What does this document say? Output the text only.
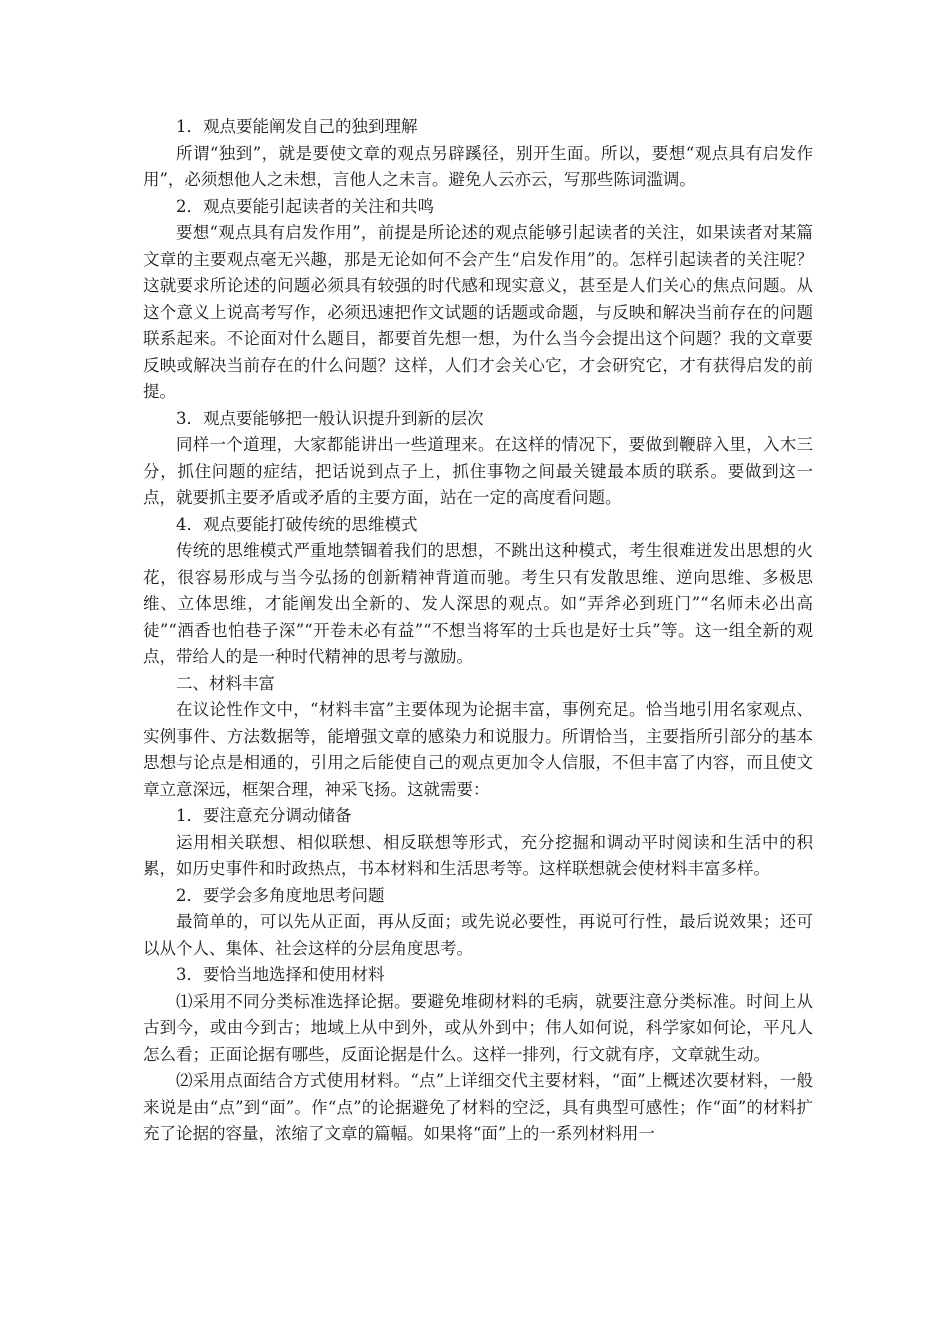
1．观点要能阐发自己的独到理解

所谓“独到”，就是要使文章的观点另辟蹊径，别开生面。所以，要想“观点具有启发作用”，必须想他人之未想，言他人之未言。避免人云亦云，写那些陈词滥调。

2．观点要能引起读者的关注和共鸣

要想“观点具有启发作用”，前提是所论述的观点能够引起读者的关注，如果读者对某篇文章的主要观点毫无兴趣，那是无论如何不会产生“启发作用”的。怎样引起读者的关注呢？这就要求所论述的问题必须具有较强的时代感和现实意义，甚至是人们关心的焦点问题。从这个意义上说高考写作，必须迅速把作文试题的话题或命题，与反映和解决当前存在的问题联系起来。不论面对什么题目，都要首先想一想，为什么当今会提出这个问题？我的文章要反映或解决当前存在的什么问题？这样，人们才会关心它，才会研究它，才有获得启发的前提。

3．观点要能够把一般认识提升到新的层次

同样一个道理，大家都能讲出一些道理来。在这样的情况下，要做到鞭辟入里，入木三分，抓住问题的症结，把话说到点子上，抓住事物之间最关键最本质的联系。要做到这一点，就要抓主要矛盾或矛盾的主要方面，站在一定的高度看问题。

4．观点要能打破传统的思维模式

传统的思维模式严重地禁锢着我们的思想，不跳出这种模式，考生很难迸发出思想的火花，很容易形成与当今弘扬的创新精神背道而驰。考生只有发散思维、逆向思维、多极思维、立体思维，才能阐发出全新的、发人深思的观点。如“弄斧必到班门”“名师未必出高徒”“酒香也怕巷子深”“开卷未必有益”“不想当将军的士兵也是好士兵”等。这一组全新的观点，带给人的是一种时代精神的思考与激励。

二、材料丰富

在议论性作文中，“材料丰富”主要体现为论据丰富，事例充足。恰当地引用名家观点、实例事件、方法数据等，能增强文章的感染力和说服力。所谓恰当，主要指所引部分的基本思想与论点是相通的，引用之后能使自己的观点更加令人信服，不但丰富了内容，而且使文章立意深远，框架合理，神采飞扬。这就需要：

1．要注意充分调动储备

运用相关联想、相似联想、相反联想等形式，充分挖掘和调动平时阅读和生活中的积累，如历史事件和时政热点，书本材料和生活思考等。这样联想就会使材料丰富多样。

2．要学会多角度地思考问题

最简单的，可以先从正面，再从反面；或先说必要性，再说可行性，最后说效果；还可以从个人、集体、社会这样的分层角度思考。

3．要恰当地选择和使用材料

⑴采用不同分类标准选择论据。要避免堆砌材料的毛病，就要注意分类标准。时间上从古到今，或由今到古；地域上从中到外，或从外到中；伟人如何说，科学家如何论，平凡人怎么看；正面论据有哪些，反面论据是什么。这样一排列，行文就有序，文章就生动。

⑵采用点面结合方式使用材料。“点”上详细交代主要材料，“面”上概述次要材料，一般来说是由“点”到“面”。作“点”的论据避免了材料的空泛，具有典型可感性；作“面”的材料扩充了论据的容量，浓缩了文章的篇幅。如果将“面”上的一系列材料用一
